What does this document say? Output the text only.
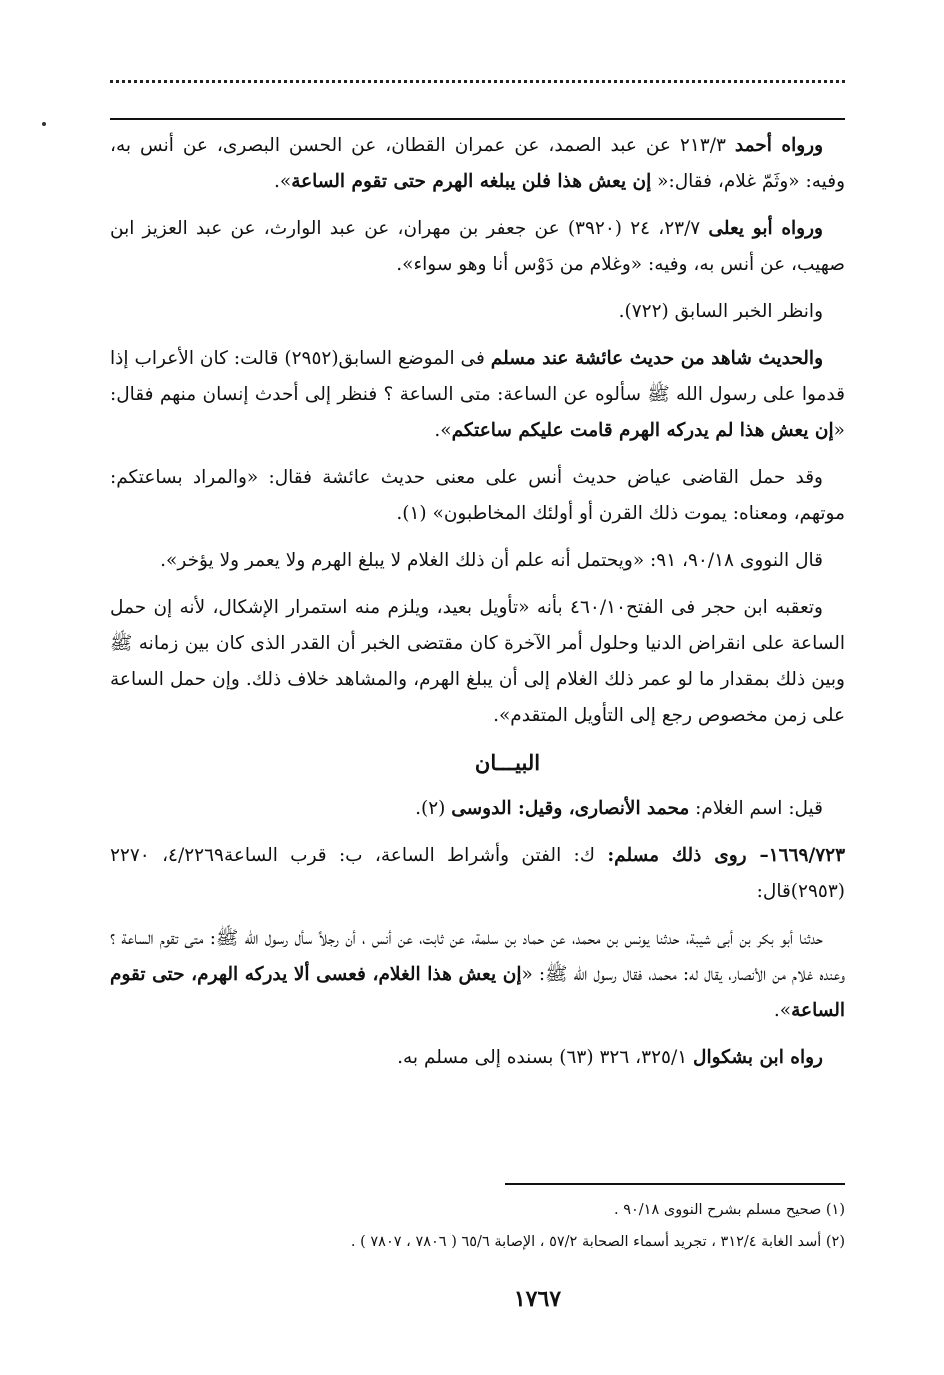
ورواه أحمد ٢١٣/٣ عن عبد الصمد، عن عمران القطان، عن الحسن البصرى، عن أنس به، وفيه: «وثَمّ غلام، فقال:« إن يعش هذا فلن يبلغه الهرم حتى تقوم الساعة».

ورواه أبو يعلى ٢٣/٧، ٢٤ (٣٩٢٠) عن جعفر بن مهران، عن عبد الوارث، عن عبد العزيز ابن صهيب، عن أنس به، وفيه: «وغلام من دَوْس أنا وهو سواء».

وانظر الخبر السابق (٧٢٢).

والحديث شاهد من حديث عائشة عند مسلم فى الموضع السابق(٢٩٥٢) قالت: كان الأعراب إذا قدموا على رسول الله ﷺ سألوه عن الساعة: متى الساعة ؟ فنظر إلى أحدث إنسان منهم فقال: «إن يعش هذا لم يدركه الهرم قامت عليكم ساعتكم».

وقد حمل القاضى عياض حديث أنس على معنى حديث عائشة فقال: «والمراد بساعتكم: موتهم، ومعناه: يموت ذلك القرن أو أولئك المخاطبون» (١).

قال النووى ٩٠/١٨، ٩١: «ويحتمل أنه علم أن ذلك الغلام لا يبلغ الهرم ولا يعمر ولا يؤخر».

وتعقبه ابن حجر فى الفتح٤٦٠/١٠ بأنه «تأويل بعيد، ويلزم منه استمرار الإشكال، لأنه إن حمل الساعة على انقراض الدنيا وحلول أمر الآخرة كان مقتضى الخبر أن القدر الذى كان بين زمانه ﷺ وبين ذلك بمقدار ما لو عمر ذلك الغلام إلى أن يبلغ الهرم، والمشاهد خلاف ذلك. وإن حمل الساعة على زمن مخصوص رجع إلى التأويل المتقدم».

البيـــان

قيل: اسم الغلام: محمد الأنصارى، وقيل: الدوسى (٢).

١٦٦٩/٧٢٣– روى ذلك مسلم: ك: الفتن وأشراط الساعة، ب: قرب الساعة٤/٢٢٦٩، ٢٢٧٠ (٢٩٥٣)قال:

حدثنا أبو بكر بن أبى شيبة، حدثنا يونس بن محمد، عن حماد بن سلمة، عن ثابت، عن أنس ، أن رجلاً سأل رسول الله ﷺ: متى تقوم الساعة ؟ وعنده غلام من الأنصار، يقال له: محمد، فقال رسول الله ﷺ: «إن يعش هذا الغلام، فعسى ألا يدركه الهرم، حتى تقوم الساعة».

رواه ابن بشكوال ٣٢٥/١، ٣٢٦ (٦٣) بسنده إلى مسلم به.

(١) صحيح مسلم بشرح النووى ٩٠/١٨ .

(٢) أسد الغابة ٣١٢/٤ ، تجريد أسماء الصحابة ٥٧/٢ ، الإصابة ٦٥/٦ ( ٧٨٠٦ ، ٧٨٠٧ ) .

١٧٦٧
